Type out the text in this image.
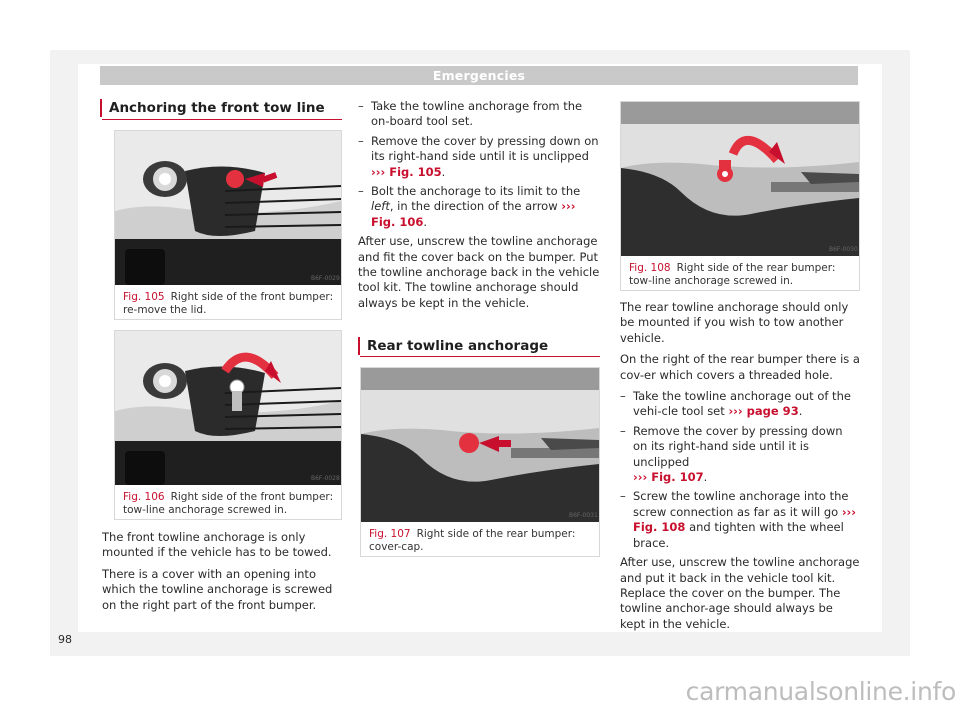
Emergencies
Anchoring the front tow line
B6F-0029
Fig. 105 Right side of the front bumper: re-move the lid.
B6F-0028
Fig. 106 Right side of the front bumper: tow-line anchorage screwed in.

The front towline anchorage is only mounted if the vehicle has to be towed.

There is a cover with an opening into which the towline anchorage is screwed on the right part of the front bumper.

– Take the towline anchorage from the on-board tool set.
– Remove the cover by pressing down on its right-hand side until it is unclipped
››› Fig. 105.
– Bolt the anchorage to its limit to the left, in the direction of the arrow ››› Fig. 106.

After use, unscrew the towline anchorage and fit the cover back on the bumper. Put the towline anchorage back in the vehicle tool kit. The towline anchorage should always be kept in the vehicle.

Rear towline anchorage
B6F-0031
Fig. 107 Right side of the rear bumper: cover-cap.
B6F-0030
Fig. 108 Right side of the rear bumper: tow-line anchorage screwed in.

The rear towline anchorage should only be mounted if you wish to tow another vehicle.

On the right of the rear bumper there is a cov-er which covers a threaded hole.

– Take the towline anchorage out of the vehi-cle tool set ››› page 93.
– Remove the cover by pressing down on its right-hand side until it is unclipped
››› Fig. 107.
– Screw the towline anchorage into the screw connection as far as it will go ››› Fig. 108 and tighten with the wheel brace.

After use, unscrew the towline anchorage and put it back in the vehicle tool kit. Replace the cover on the bumper. The towline anchor-age should always be kept in the vehicle.

98
carmanualsonline.info
